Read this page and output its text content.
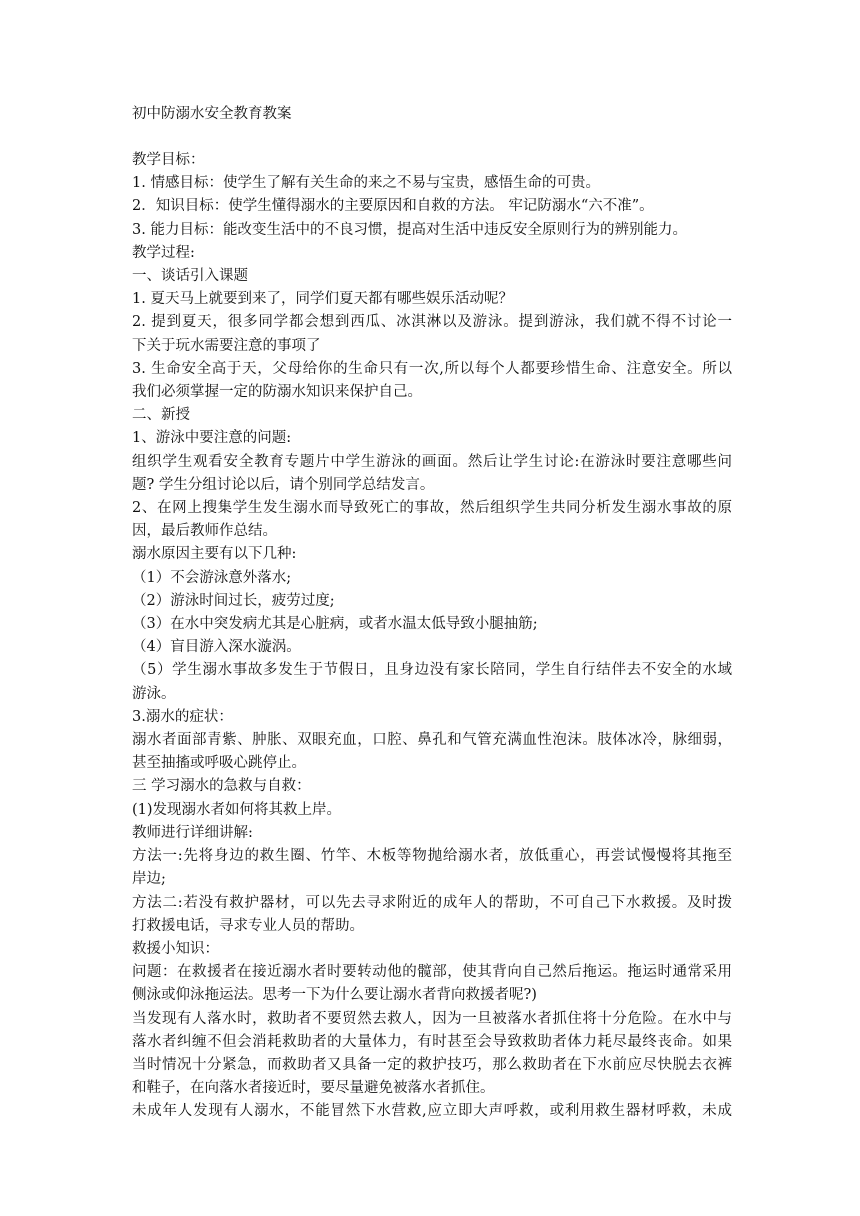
初中防溺水安全教育教案

教学目标：

1. 情感目标：使学生了解有关生命的来之不易与宝贵，感悟生命的可贵。

2．知识目标：使学生懂得溺水的主要原因和自救的方法。 牢记防溺水“六不准”。

3. 能力目标：能改变生活中的不良习惯，提高对生活中违反安全原则行为的辨别能力。

教学过程:

一、谈话引入课题

1. 夏天马上就要到来了，同学们夏天都有哪些娱乐活动呢？

2. 提到夏天，很多同学都会想到西瓜、冰淇淋以及游泳。提到游泳，我们就不得不讨论一

下关于玩水需要注意的事项了

3. 生命安全高于天，父母给你的生命只有一次,所以每个人都要珍惜生命、注意安全。所以

我们必须掌握一定的防溺水知识来保护自己。

二、新授

1、游泳中要注意的问题:

组织学生观看安全教育专题片中学生游泳的画面。然后让学生讨论:在游泳时要注意哪些问

题? 学生分组讨论以后，请个别同学总结发言。

2、在网上搜集学生发生溺水而导致死亡的事故，然后组织学生共同分析发生溺水事故的原

因，最后教师作总结。

溺水原因主要有以下几种:

（1）不会游泳意外落水;

（2）游泳时间过长，疲劳过度;

（3）在水中突发病尤其是心脏病，或者水温太低导致小腿抽筋;

（4）盲目游入深水漩涡。

（5）学生溺水事故多发生于节假日，且身边没有家长陪同，学生自行结伴去不安全的水域

游泳。

3.溺水的症状：

溺水者面部青紫、肿胀、双眼充血，口腔、鼻孔和气管充满血性泡沫。肢体冰冷，脉细弱，

甚至抽搐或呼吸心跳停止。

三 学习溺水的急救与自救：

(1)发现溺水者如何将其救上岸。

教师进行详细讲解:

方法一:先将身边的救生圈、竹竿、木板等物抛给溺水者，放低重心，再尝试慢慢将其拖至

岸边;

方法二:若没有救护器材，可以先去寻求附近的成年人的帮助，不可自己下水救援。及时拨

打救援电话，寻求专业人员的帮助。

救援小知识：

问题：在救援者在接近溺水者时要转动他的髋部，使其背向自己然后拖运。拖运时通常采用

侧泳或仰泳拖运法。思考一下为什么要让溺水者背向救援者呢?)

当发现有人落水时，救助者不要贸然去救人，因为一旦被落水者抓住将十分危险。在水中与

落水者纠缠不但会消耗救助者的大量体力，有时甚至会导致救助者体力耗尽最终丧命。如果

当时情况十分紧急，而救助者又具备一定的救护技巧，那么救助者在下水前应尽快脱去衣裤

和鞋子，在向落水者接近时，要尽量避免被落水者抓住。

未成年人发现有人溺水，不能冒然下水营救,应立即大声呼救，或利用救生器材呼救，未成
